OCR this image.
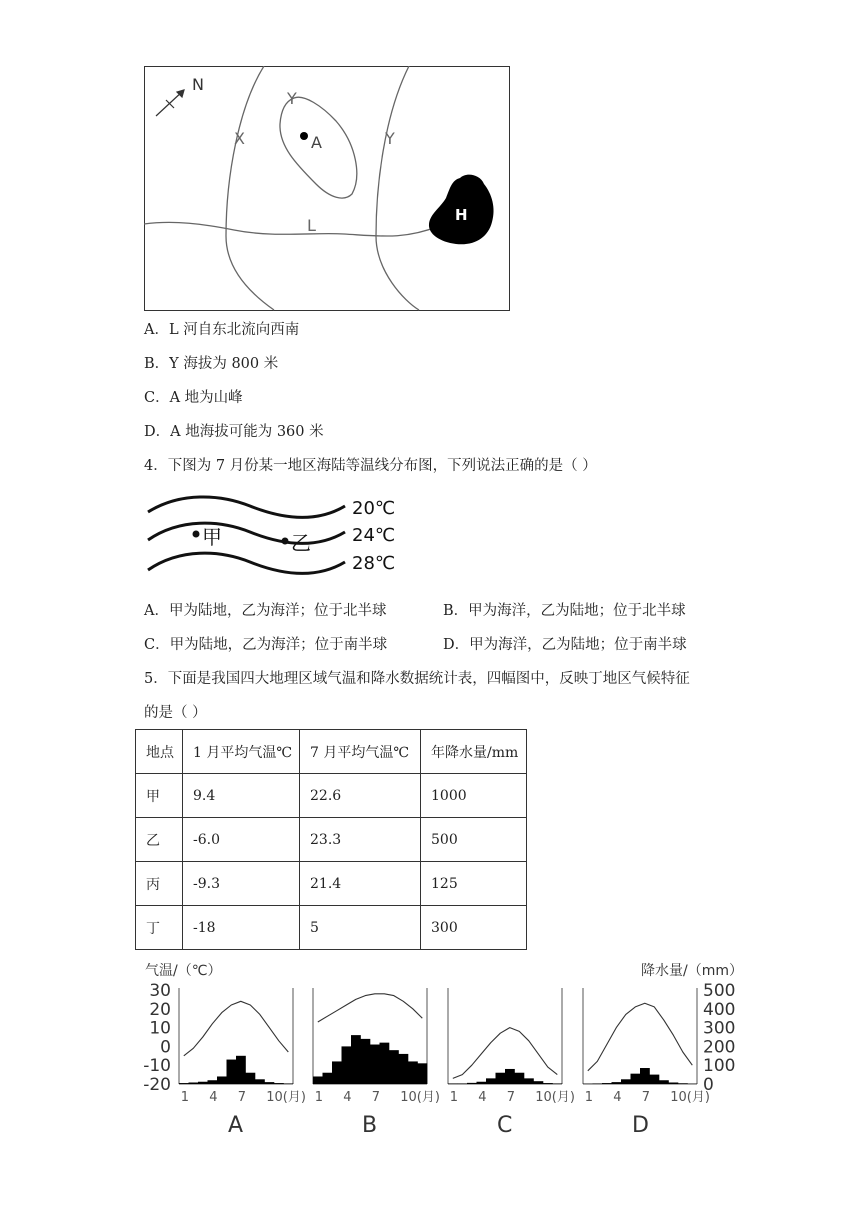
N
H
X
Y
Y
A
L
A．L 河自东北流向西南
B．Y 海拔为 800 米
C．A 地为山峰
D．A 地海拔可能为 360 米
4．下图为 7 月份某一地区海陆等温线分布图，下列说法正确的是（ ）
20℃
24℃
28℃
甲	乙
A．甲为陆地，乙为海洋；位于北半球	B．甲为海洋，乙为陆地；位于北半球
C．甲为陆地，乙为海洋；位于南半球	D．甲为海洋，乙为陆地；位于南半球
5．下面是我国四大地理区域气温和降水数据统计表，四幅图中，反映丁地区气候特征
的是（ ）
地点	1 月平均气温℃	7 月平均气温℃	年降水量/mm
甲	9.4	22.6	1000
乙	-6.0	23.3	500
丙	-9.3	21.4	125
丁	-18	5	300
气温/（℃）	降水量/（mm）
30
20
10
0
-10
-20
500
400
300
200
100
0
1 4 7 10(月)
A
1 4 7 10(月)
B
1 4 7 10(月)
C
1 4 7 10(月)
D
